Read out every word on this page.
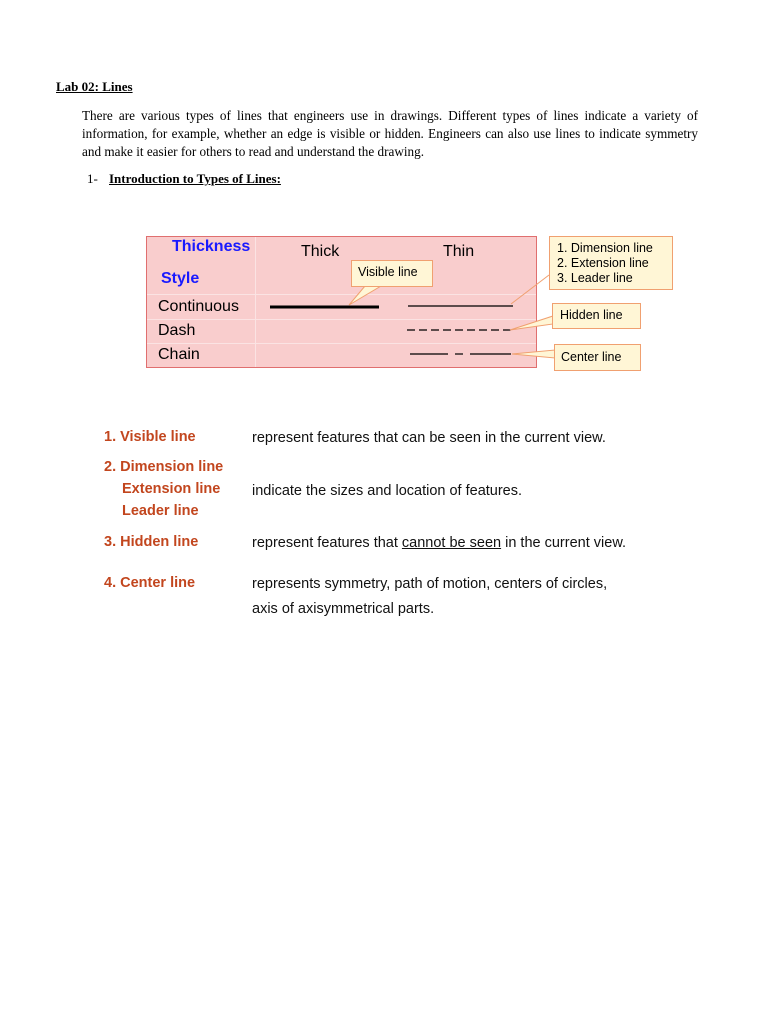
Lab 02: Lines
There are various types of lines that engineers use in drawings. Different types of lines indicate a variety of information, for example, whether an edge is visible or hidden. Engineers can also use lines to indicate symmetry and make it easier for others to read and understand the drawing.
1- Introduction to Types of Lines:
Thickness
Style
Thick	Thin
Continuous
Dash
Chain
Visible line
1. Dimension line
2. Extension line
3. Leader line
Hidden line
Center line
1. Visible line	represent features that can be seen in the current view.
2. Dimension line
Extension line
Leader line
indicate the sizes and location of features.
3. Hidden line	represent features that cannot be seen in the current view.
4. Center line	represents symmetry, path of motion, centers of circles,
axis of axisymmetrical parts.
